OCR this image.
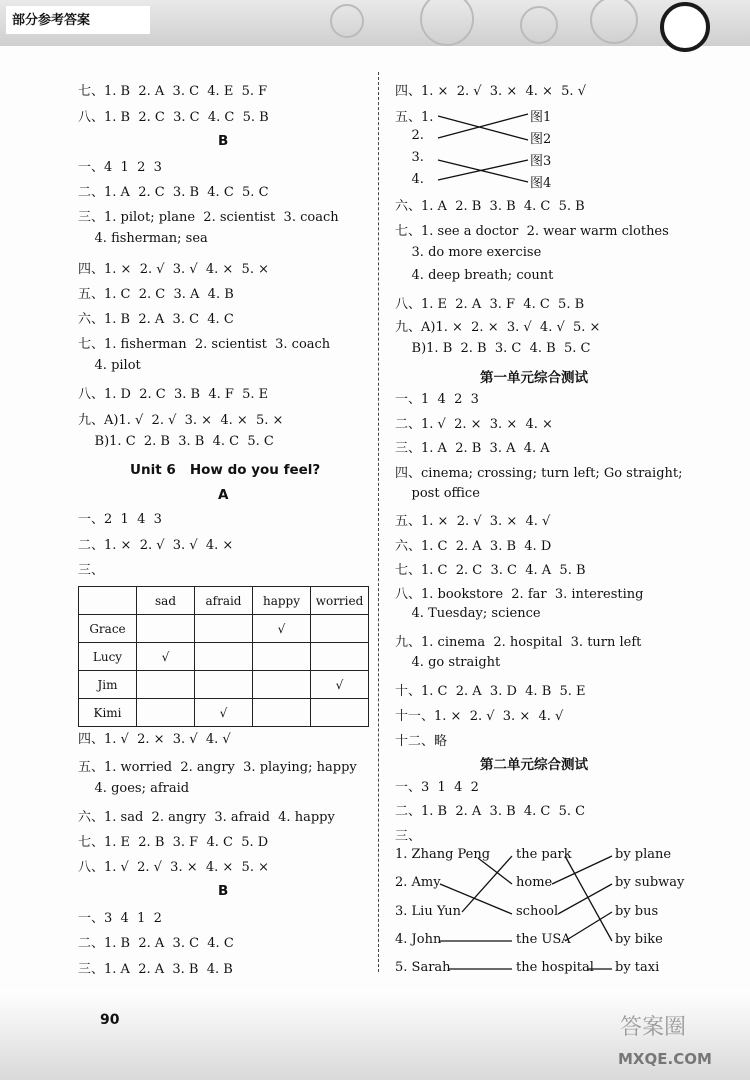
部分参考答案
	sad	afraid	happy	worried
Grace			√	
Lucy	√			
Jim				√
Kimi		√		
90	答案圈
MXQE.COM
七、1. B  2. A  3. C  4. E  5. F
八、1. B  2. C  3. C  4. C  5. B
B
一、4  1  2  3
二、1. A  2. C  3. B  4. C  5. C
三、1. pilot; plane  2. scientist  3. coach
4. fisherman; sea
四、1. ×  2. √  3. √  4. ×  5. ×
五、1. C  2. C  3. A  4. B
六、1. B  2. A  3. C  4. C
七、1. fisherman  2. scientist  3. coach
4. pilot
八、1. D  2. C  3. B  4. F  5. E
九、A)1. √  2. √  3. ×  4. ×  5. ×
B)1. C  2. B  3. B  4. C  5. C
Unit 6   How do you feel?
A
一、2  1  4  3
二、1. ×  2. √  3. √  4. ×
三、
四、1. √  2. ×  3. √  4. √
五、1. worried  2. angry  3. playing; happy
4. goes; afraid
六、1. sad  2. angry  3. afraid  4. happy
七、1. E  2. B  3. F  4. C  5. D
八、1. √  2. √  3. ×  4. ×  5. ×
B
一、3  4  1  2
二、1. B  2. A  3. C  4. C
三、1. A  2. A  3. B  4. B
四、1. ×  2. √  3. ×  4. ×  5. √
五、1.
2.
3.
4.
六、1. A  2. B  3. B  4. C  5. B
七、1. see a doctor  2. wear warm clothes
3. do more exercise
4. deep breath; count
八、1. E  2. A  3. F  4. C  5. B
九、A)1. ×  2. ×  3. √  4. √  5. ×
B)1. B  2. B  3. C  4. B  5. C
第一单元综合测试
一、1  4  2  3
二、1. √  2. ×  3. ×  4. ×
三、1. A  2. B  3. A  4. A
四、cinema; crossing; turn left; Go straight;
post office
五、1. ×  2. √  3. ×  4. √
六、1. C  2. A  3. B  4. D
七、1. C  2. C  3. C  4. A  5. B
八、1. bookstore  2. far  3. interesting
4. Tuesday; science
九、1. cinema  2. hospital  3. turn left
4. go straight
十、1. C  2. A  3. D  4. B  5. E
十一、1. ×  2. √  3. ×  4. √
十二、略
第二单元综合测试
一、3  1  4  2
二、1. B  2. A  3. B  4. C  5. C
三、
图1
图2
图3
图4
1. Zhang Peng
2. Amy
3. Liu Yun
4. John
5. Sarah
the park
home
school
the USA
the hospital
by plane
by subway
by bus
by bike
by taxi
